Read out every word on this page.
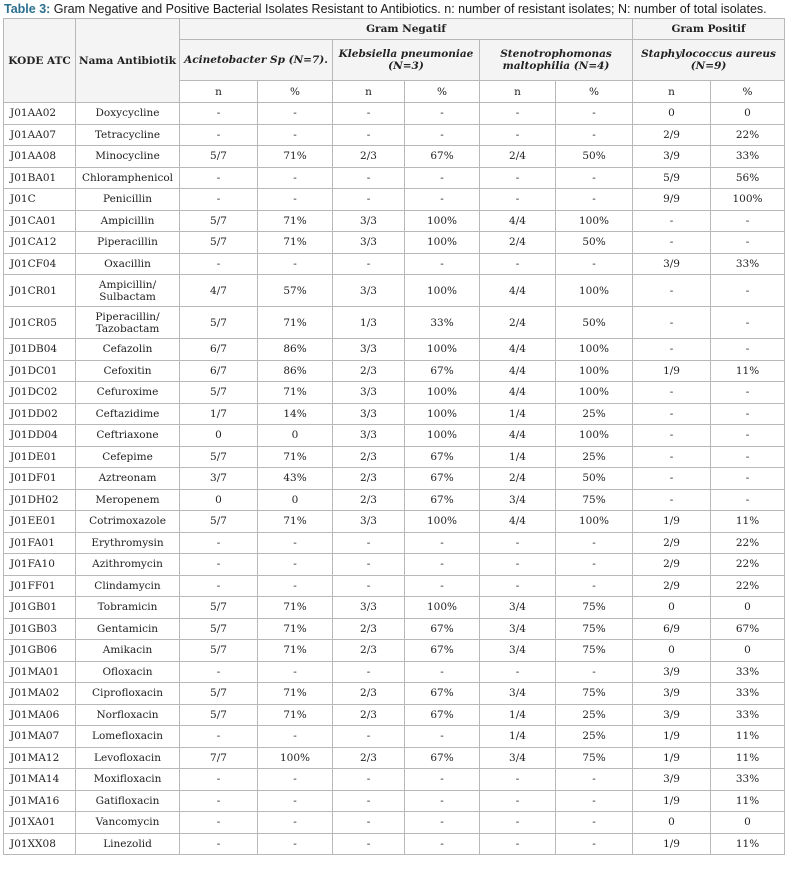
Table 3: Gram Negative and Positive Bacterial Isolates Resistant to Antibiotics. n: number of resistant isolates; N: number of total isolates.
KODE ATC	Nama Antibiotik	Gram Negatif						Gram Positif	
		Acinetobacter Sp (N=7).		Klebsiella pneumoniae (N=3)		Stenotrophomonas maltophilia (N=4)		Staphylococcus aureus (N=9)	
		n	%	n	%	n	%	n	%
J01AA02	Doxycycline	-	-	-	-	-	-	0	0
J01AA07	Tetracycline	-	-	-	-	-	-	2/9	22%
J01AA08	Minocycline	5/7	71%	2/3	67%	2/4	50%	3/9	33%
J01BA01	Chloramphenicol	-	-	-	-	-	-	5/9	56%
J01C	Penicillin	-	-	-	-	-	-	9/9	100%
J01CA01	Ampicillin	5/7	71%	3/3	100%	4/4	100%	-	-
J01CA12	Piperacillin	5/7	71%	3/3	100%	2/4	50%	-	-
J01CF04	Oxacillin	-	-	-	-	-	-	3/9	33%
J01CR01	Ampicillin/
Sulbactam	4/7	57%	3/3	100%	4/4	100%	-	-
J01CR05	Piperacillin/
Tazobactam	5/7	71%	1/3	33%	2/4	50%	-	-
J01DB04	Cefazolin	6/7	86%	3/3	100%	4/4	100%	-	-
J01DC01	Cefoxitin	6/7	86%	2/3	67%	4/4	100%	1/9	11%
J01DC02	Cefuroxime	5/7	71%	3/3	100%	4/4	100%	-	-
J01DD02	Ceftazidime	1/7	14%	3/3	100%	1/4	25%	-	-
J01DD04	Ceftriaxone	0	0	3/3	100%	4/4	100%	-	-
J01DE01	Cefepime	5/7	71%	2/3	67%	1/4	25%	-	-
J01DF01	Aztreonam	3/7	43%	2/3	67%	2/4	50%	-	-
J01DH02	Meropenem	0	0	2/3	67%	3/4	75%	-	-
J01EE01	Cotrimoxazole	5/7	71%	3/3	100%	4/4	100%	1/9	11%
J01FA01	Erythromysin	-	-	-	-	-	-	2/9	22%
J01FA10	Azithromycin	-	-	-	-	-	-	2/9	22%
J01FF01	Clindamycin	-	-	-	-	-	-	2/9	22%
J01GB01	Tobramicin	5/7	71%	3/3	100%	3/4	75%	0	0
J01GB03	Gentamicin	5/7	71%	2/3	67%	3/4	75%	6/9	67%
J01GB06	Amikacin	5/7	71%	2/3	67%	3/4	75%	0	0
J01MA01	Ofloxacin	-	-	-	-	-	-	3/9	33%
J01MA02	Ciprofloxacin	5/7	71%	2/3	67%	3/4	75%	3/9	33%
J01MA06	Norfloxacin	5/7	71%	2/3	67%	1/4	25%	3/9	33%
J01MA07	Lomefloxacin	-	-	-	-	1/4	25%	1/9	11%
J01MA12	Levofloxacin	7/7	100%	2/3	67%	3/4	75%	1/9	11%
J01MA14	Moxifloxacin	-	-	-	-	-	-	3/9	33%
J01MA16	Gatifloxacin	-	-	-	-	-	-	1/9	11%
J01XA01	Vancomycin	-	-	-	-	-	-	0	0
J01XX08	Linezolid	-	-	-	-	-	-	1/9	11%
